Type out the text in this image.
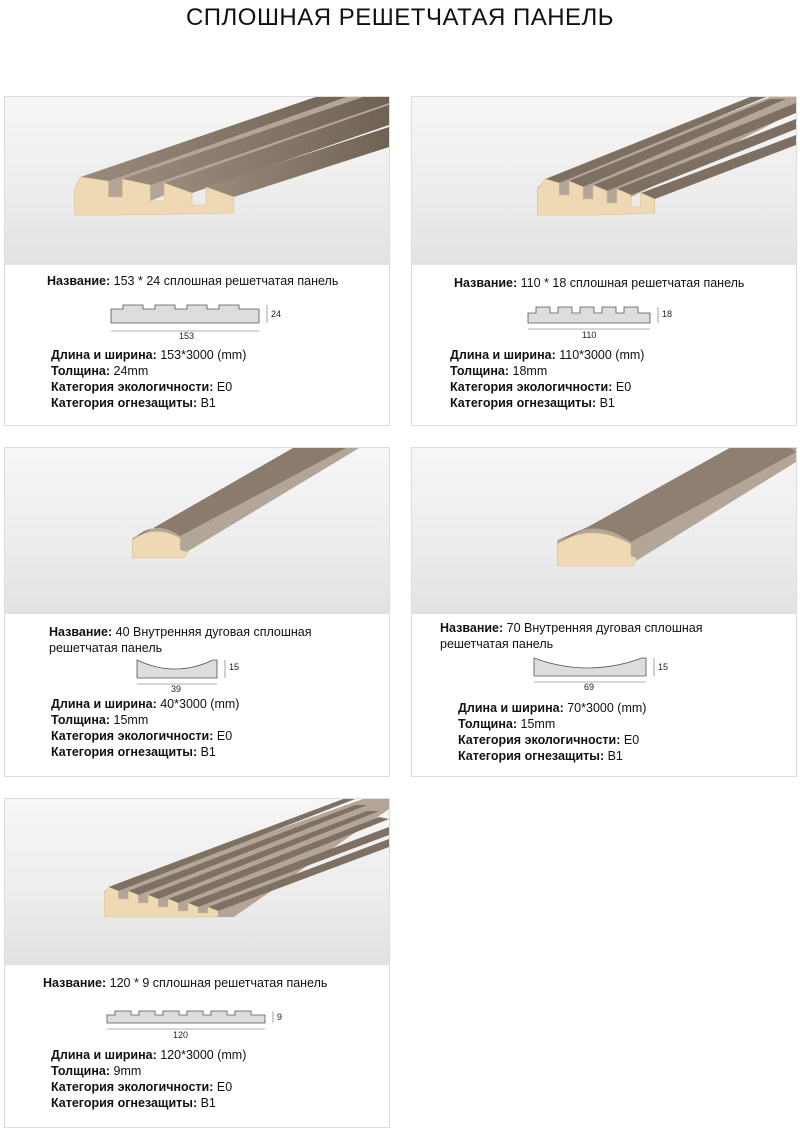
СПЛОШНАЯ РЕШЕТЧАТАЯ ПАНЕЛЬ
Название: 153 * 24 сплошная решетчатая панель
153
24
Длина и ширина: 153*3000 (mm)
Толщина: 24mm
Категория экологичности: E0
Категория огнезащиты: B1
Название: 110 * 18 сплошная решетчатая панель
110
18
Длина и ширина: 110*3000 (mm)
Толщина: 18mm
Категория экологичности: E0
Категория огнезащиты: B1
Название: 40 Внутренняя дуговая сплошная решетчатая панель
39
15
Длина и ширина: 40*3000 (mm)
Толщина: 15mm
Категория экологичности: E0
Категория огнезащиты: B1
Название: 70 Внутренняя дуговая сплошная решетчатая панель
69
15
Длина и ширина: 70*3000 (mm)
Толщина: 15mm
Категория экологичности: E0
Категория огнезащиты: B1
Название: 120 * 9 сплошная решетчатая панель
120
9
Длина и ширина: 120*3000 (mm)
Толщина: 9mm
Категория экологичности: E0
Категория огнезащиты: B1
